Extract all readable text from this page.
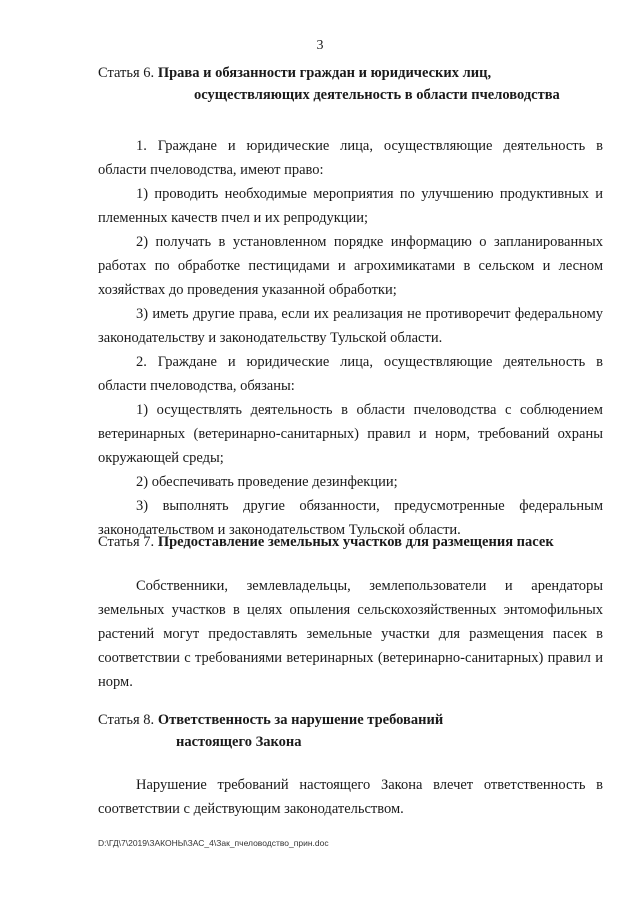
3
Статья 6. Права и обязанности граждан и юридических лиц,
осуществляющих деятельность в области пчеловодства

1. Граждане и юридические лица, осуществляющие деятельность в области пчеловодства, имеют право:

1) проводить необходимые мероприятия по улучшению продуктивных и племенных качеств пчел и их репродукции;

2) получать в установленном порядке информацию о запланированных работах по обработке пестицидами и агрохимикатами в сельском и лесном хозяйствах до проведения указанной обработки;

3) иметь другие права, если их реализация не противоречит федеральному законодательству и законодательству Тульской области.

2. Граждане и юридические лица, осуществляющие деятельность в области пчеловодства, обязаны:

1) осуществлять деятельность в области пчеловодства с соблюдением ветеринарных (ветеринарно-санитарных) правил и норм, требований охраны окружающей среды;

2) обеспечивать проведение дезинфекции;

3) выполнять другие обязанности, предусмотренные федеральным законодательством и законодательством Тульской области.

Статья 7. Предоставление земельных участков для размещения пасек

Собственники, землевладельцы, землепользователи и арендаторы земельных участков в целях опыления сельскохозяйственных энтомофильных растений могут предоставлять земельные участки для размещения пасек в соответствии с требованиями ветеринарных (ветеринарно-санитарных) правил и норм.

Статья 8. Ответственность за нарушение требований
настоящего Закона

Нарушение требований настоящего Закона влечет ответственность в соответствии с действующим законодательством.

D:\ГД\7\2019\ЗАКОНЫ\ЗАС_4\Зак_пчеловодство_прин.doc
